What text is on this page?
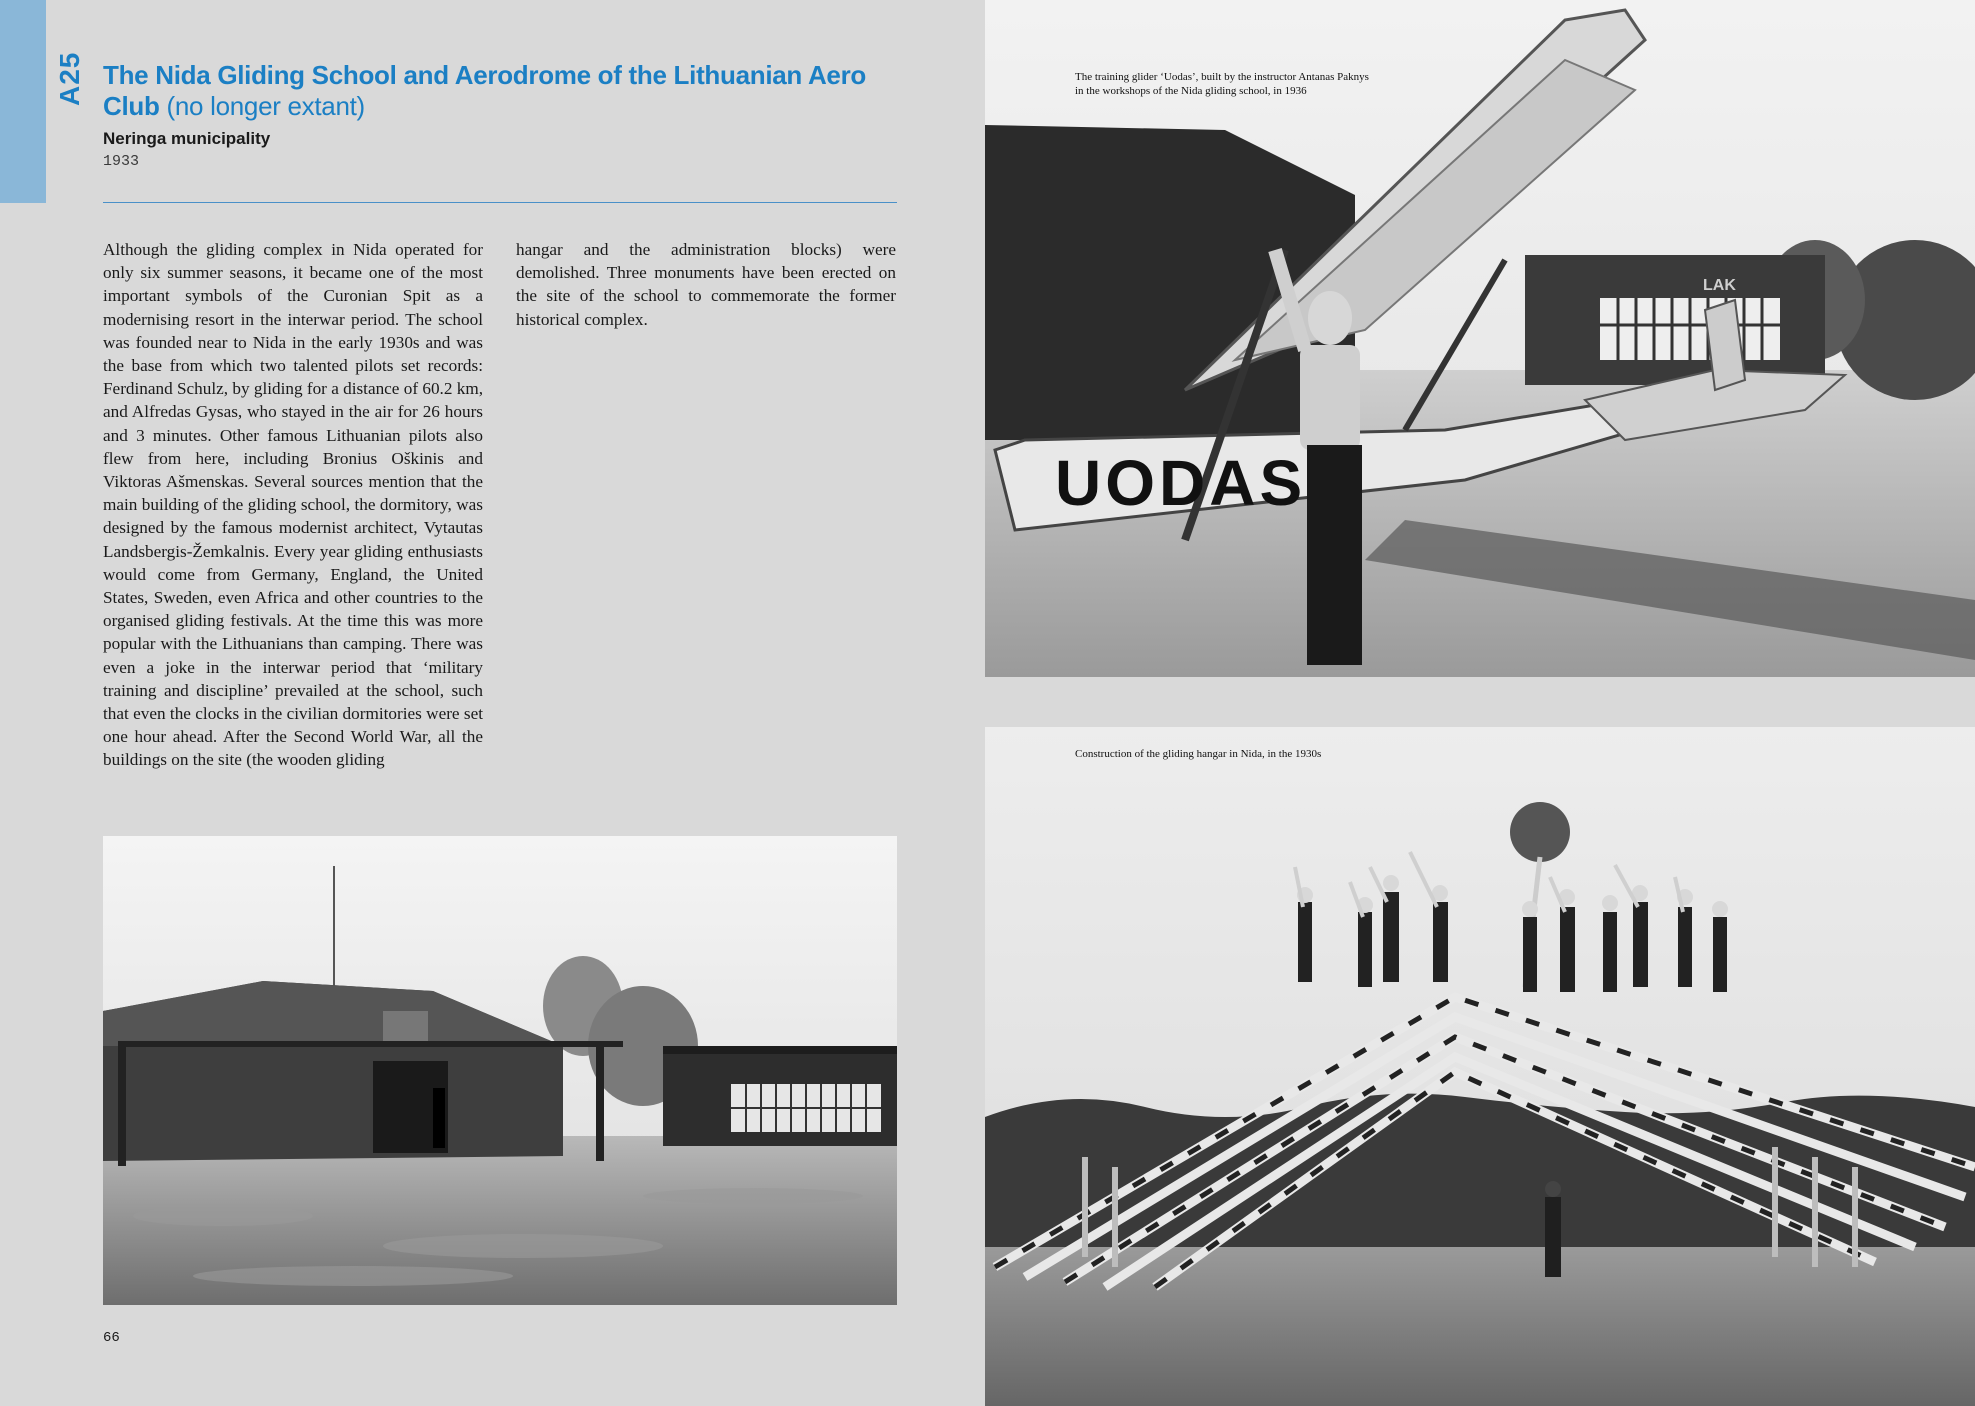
A25 The Nida Gliding School and Aerodrome of the Lithuanian Aero Club (no longer extant)
Neringa municipality
1933
Although the gliding complex in Nida operated for only six summer seasons, it became one of the most important symbols of the Curonian Spit as a modernising resort in the interwar period. The school was founded near to Nida in the early 1930s and was the base from which two talented pilots set records: Ferdinand Schulz, by gliding for a distance of 60.2 km, and Alfredas Gysas, who stayed in the air for 26 hours and 3 minutes. Other famous Lithuanian pilots also flew from here, including Bronius Oškinis and Viktoras Ašmenskas. Several sources mention that the main building of the gliding school, the dormitory, was designed by the famous modernist architect, Vytautas Landsbergis-Žemkalnis. Every year gliding enthusiasts would come from Germany, England, the United States, Sweden, even Africa and other countries to the organised gliding festivals. At the time this was more popular with the Lithuanians than camping. There was even a joke in the interwar period that ‘military training and discipline’ prevailed at the school, such that even the clocks in the civilian dormitories were set one hour ahead. After the Second World War, all the buildings on the site (the wooden gliding
hangar and the administration blocks) were demolished. Three monuments have been erected on the site of the school to commemorate the former historical complex.
66
LAK
UODAS
The training glider ‘Uodas’, built by the instructor Antanas Paknys
in the workshops of the Nida gliding school, in 1936
Construction of the gliding hangar in Nida, in the 1930s
